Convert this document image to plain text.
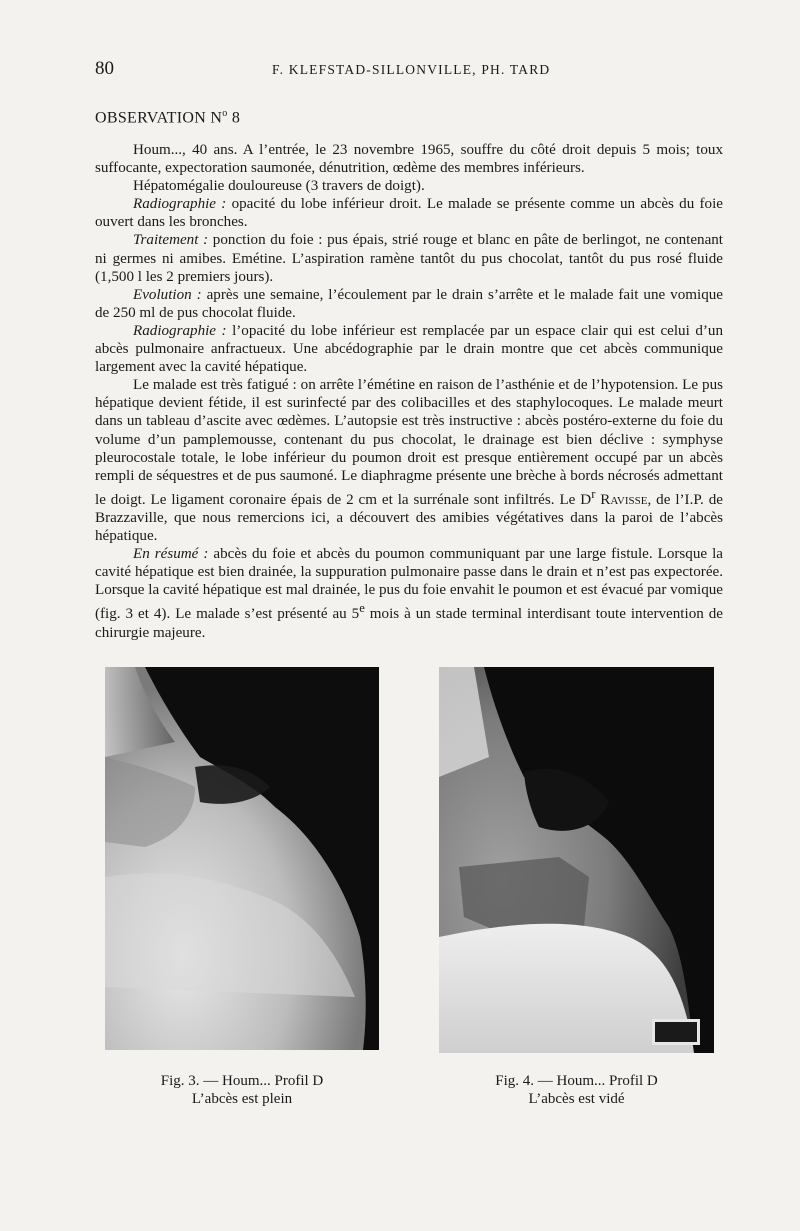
80	F. KLEFSTAD-SILLONVILLE, PH. TARD
OBSERVATION $N^o$ 8

Houm..., 40 ans. A l’entrée, le 23 novembre 1965, souffre du côté droit depuis 5 mois; toux suffocante, expectoration saumonée, dénutrition, œdème des membres inférieurs.

Hépatomégalie douloureuse (3 travers de doigt).

Radiographie : opacité du lobe inférieur droit. Le malade se présente comme un abcès du foie ouvert dans les bronches.

Traitement : ponction du foie : pus épais, strié rouge et blanc en pâte de berlingot, ne contenant ni germes ni amibes. Emétine. L’aspiration ramène tantôt du pus chocolat, tantôt du pus rosé fluide (1,500 l les 2 premiers jours).

Evolution : après une semaine, l’écoulement par le drain s’arrête et le malade fait une vomique de 250 ml de pus chocolat fluide.

Radiographie : l’opacité du lobe inférieur est remplacée par un espace clair qui est celui d’un abcès pulmonaire anfractueux. Une abcédographie par le drain montre que cet abcès communique largement avec la cavité hépatique.

Le malade est très fatigué : on arrête l’émétine en raison de l’asthénie et de l’hypotension. Le pus hépatique devient fétide, il est surinfecté par des colibacilles et des staphylocoques. Le malade meurt dans un tableau d’ascite avec œdèmes. L’autopsie est très instructive : abcès postéro-externe du foie du volume d’un pamplemousse, contenant du pus chocolat, le drainage est bien déclive : symphyse pleurocostale totale, le lobe inférieur du poumon droit est presque entièrement occupé par un abcès rempli de séquestres et de pus saumoné. Le diaphragme présente une brèche à bords nécrosés admettant le doigt. Le ligament coronaire épais de 2 cm et la surrénale sont infiltrés. Le $D^r$ Ravisse, de l’I.P. de Brazzaville, que nous remercions ici, a découvert des amibies végétatives dans la paroi de l’abcès hépatique.

En résumé : abcès du foie et abcès du poumon communiquant par une large fistule. Lorsque la cavité hépatique est bien drainée, la suppuration pulmonaire passe dans le drain et n’est pas expectorée. Lorsque la cavité hépatique est mal drainée, le pus du foie envahit le poumon et est évacué par vomique (fig. 3 et 4). Le malade s’est présenté au 5e mois à un stade terminal interdisant toute intervention de chirurgie majeure.

Fig. 3. — Houm... Profil D
L’abcès est plein
Fig. 4. — Houm... Profil D
L’abcès est vidé
